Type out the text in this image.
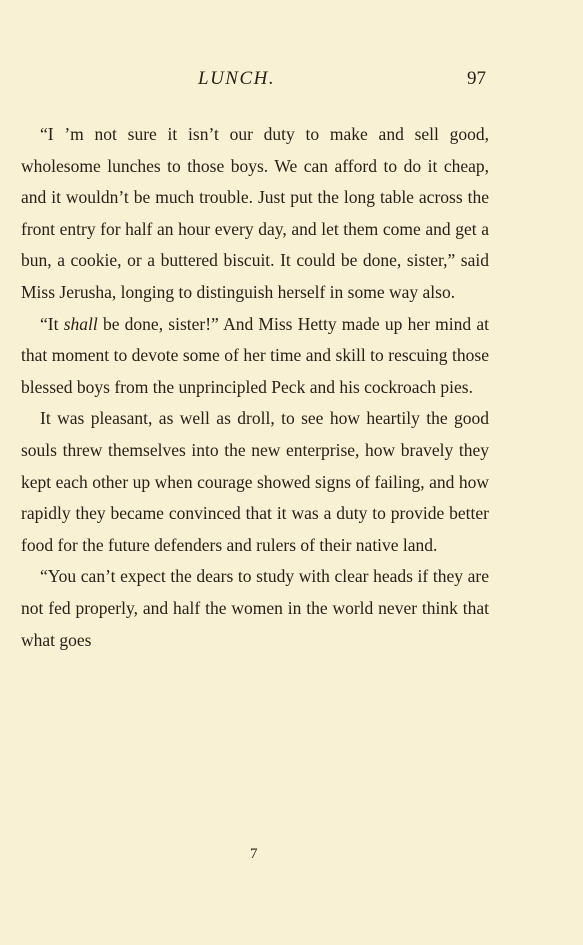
LUNCH.	97

“I ’m not sure it isn’t our duty to make and sell good, wholesome lunches to those boys. We can afford to do it cheap, and it wouldn’t be much trouble. Just put the long table across the front entry for half an hour every day, and let them come and get a bun, a cookie, or a buttered biscuit. It could be done, sister,” said Miss Jerusha, longing to distinguish herself in some way also.

“It shall be done, sister!” And Miss Hetty made up her mind at that moment to devote some of her time and skill to rescuing those blessed boys from the unprincipled Peck and his cockroach pies.

It was pleasant, as well as droll, to see how heartily the good souls threw themselves into the new enterprise, how bravely they kept each other up when courage showed signs of failing, and how rapidly they became convinced that it was a duty to provide better food for the future defenders and rulers of their native land.

“You can’t expect the dears to study with clear heads if they are not fed properly, and half the women in the world never think that what goes

7
